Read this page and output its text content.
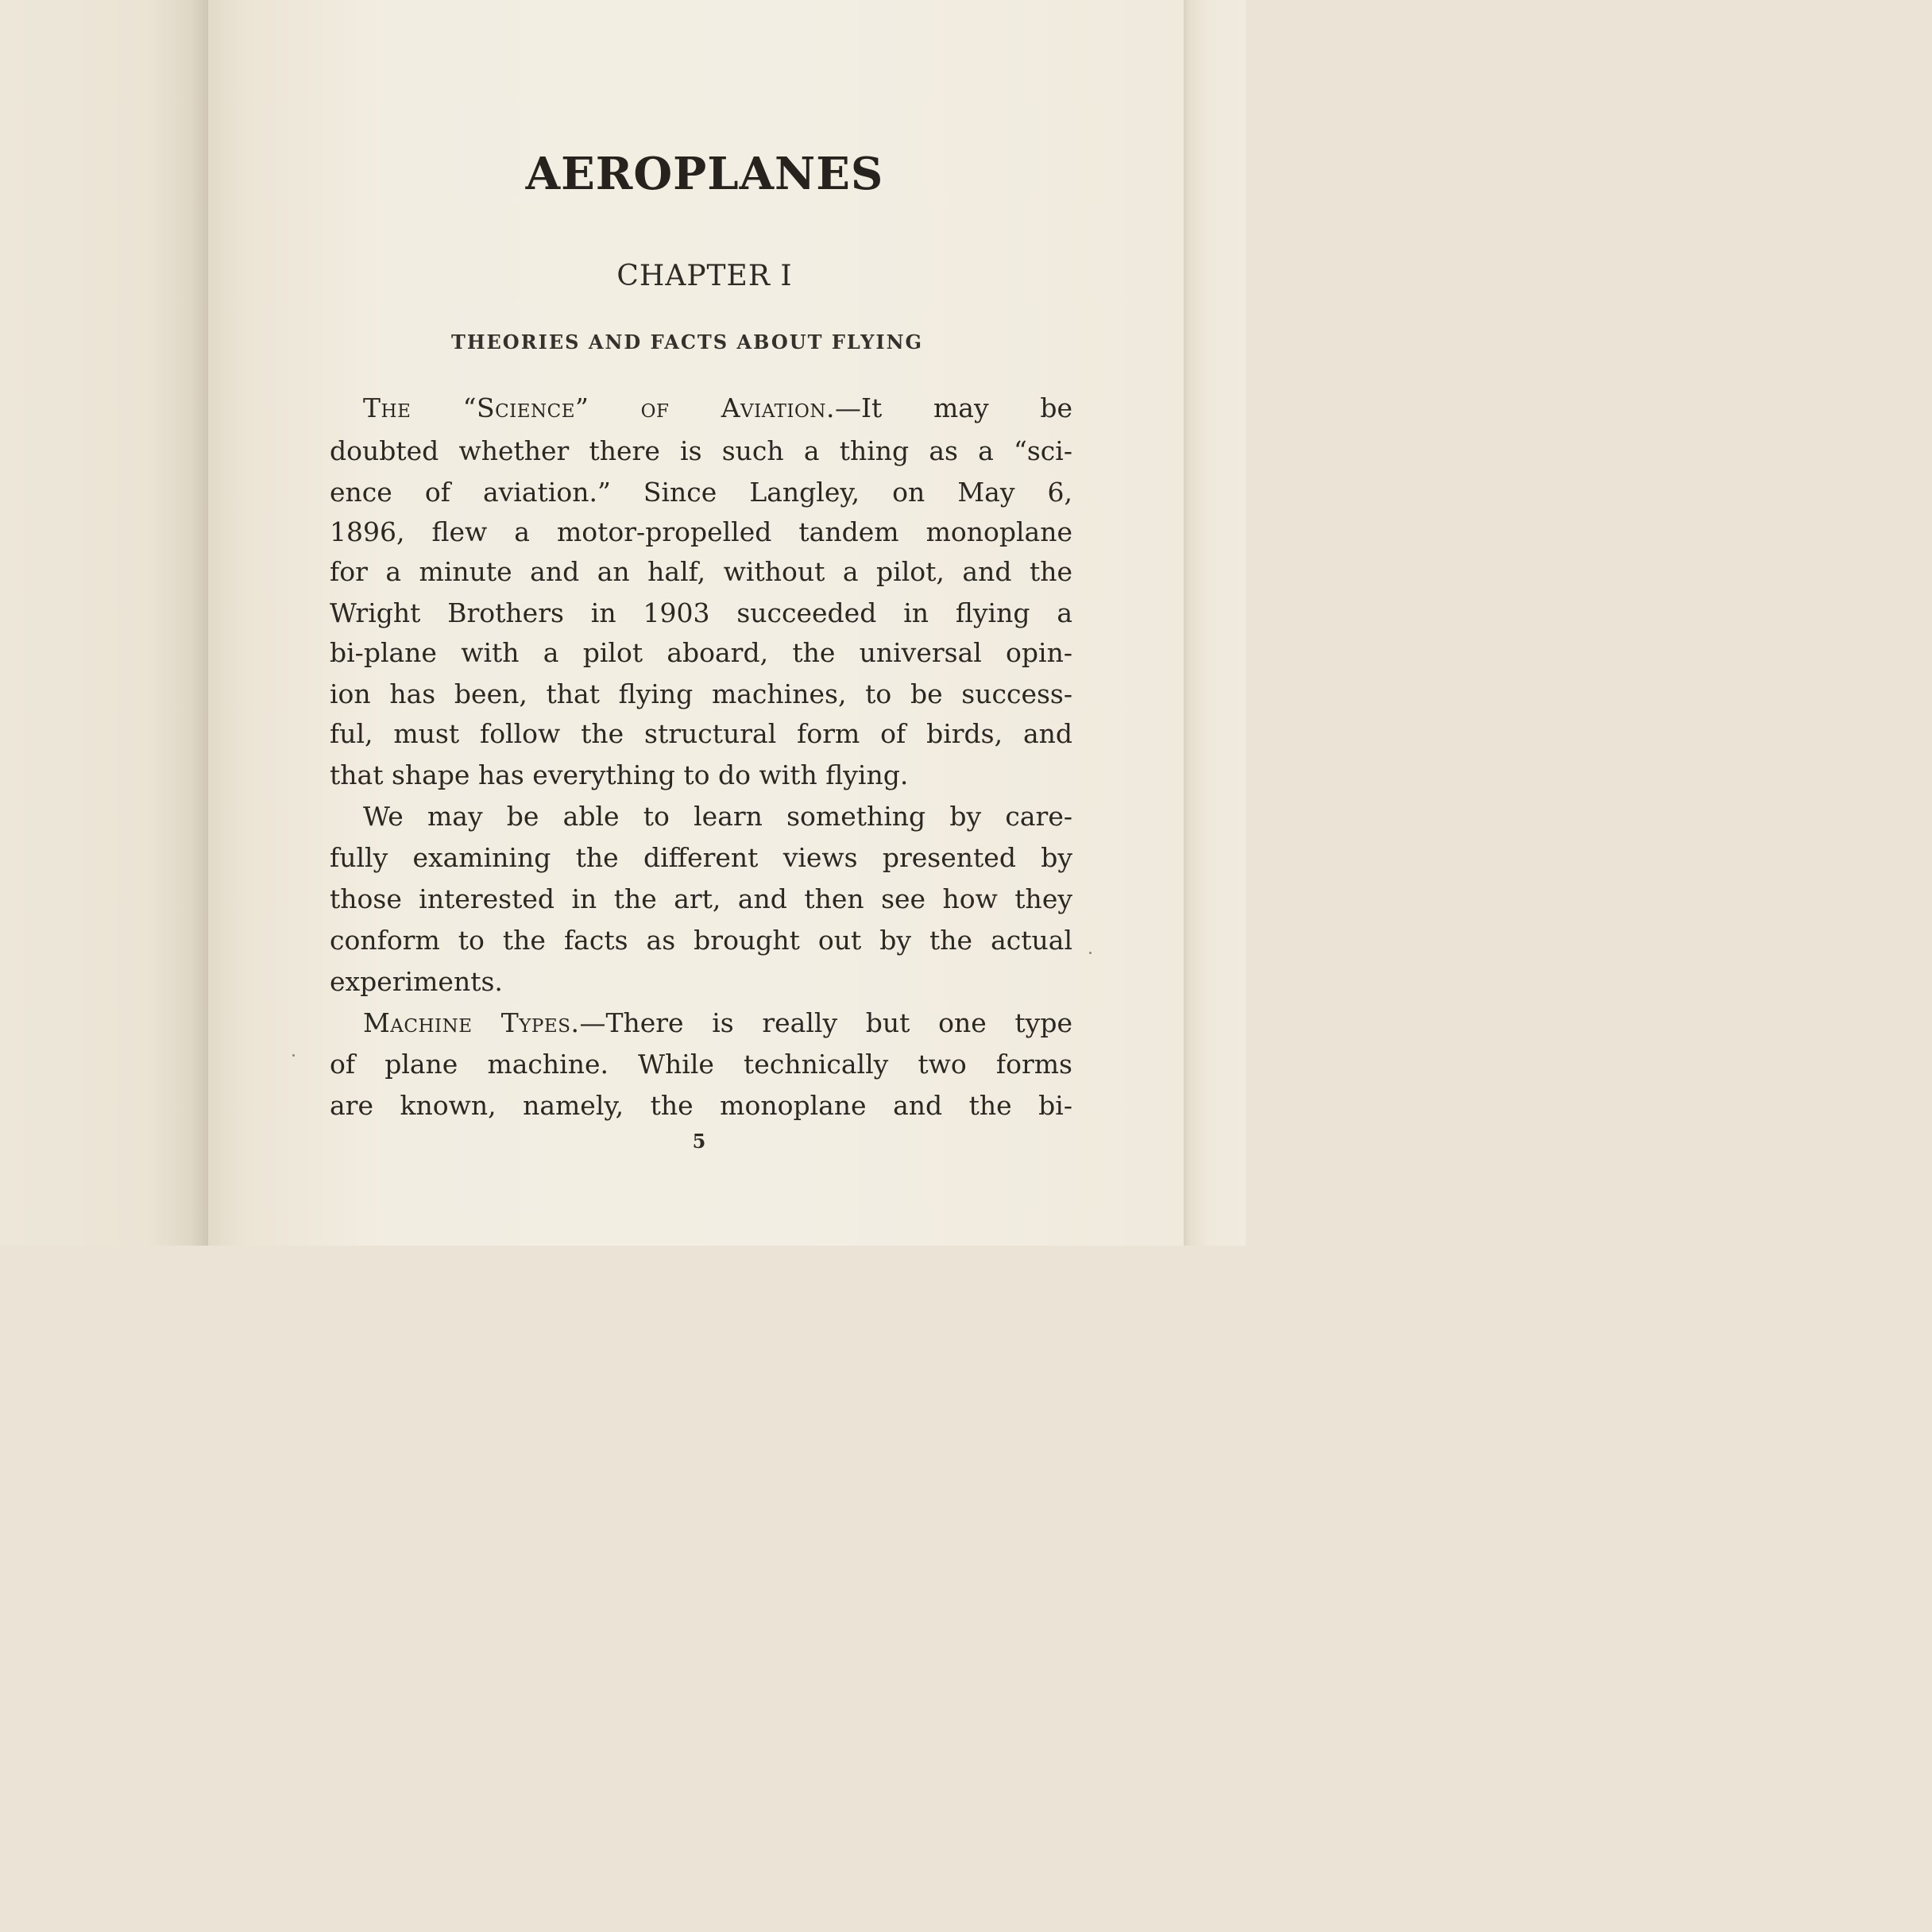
AEROPLANES
CHAPTER I
THEORIES AND FACTS ABOUT FLYING
The “Science” of Aviation.—It may be
doubted whether there is such a thing as a “sci-
ence of aviation.” Since Langley, on May 6,
1896, flew a motor-propelled tandem monoplane
for a minute and an half, without a pilot, and the
Wright Brothers in 1903 succeeded in flying a
bi-plane with a pilot aboard, the universal opin-
ion has been, that flying machines, to be success-
ful, must follow the structural form of birds, and
that shape has everything to do with flying.
We may be able to learn something by care-
fully examining the different views presented by
those interested in the art, and then see how they
conform to the facts as brought out by the actual
experiments.
Machine Types.—There is really but one type
of plane machine. While technically two forms
are known, namely, the monoplane and the bi-
5
